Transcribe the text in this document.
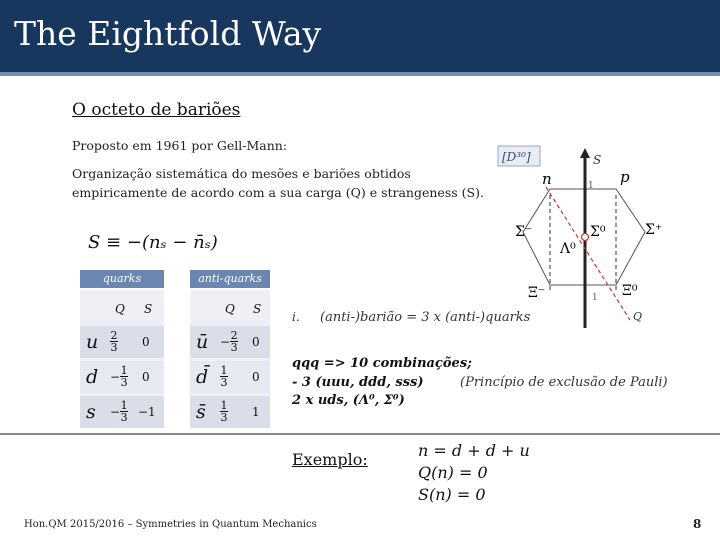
The Eightfold Way
O octeto de bariões
Proposto em 1961 por Gell-Mann:
Organização sistemática do mesões e bariões obtidos
empiricamente de acordo com a sua carga (Q) e strangeness (S).
S ≡ −(nₛ − n̄ₛ)
quarks
Q S
u $\frac{2}{3} 0$
$d - \frac{1}{3} 0$
$s - \frac{1}{3} -1$
anti-quarks
Q S
ū − $\frac{2}{3} 0$
d̄ $\frac{1}{3} 0$
s̄ $\frac{1}{3} 1$
i. (anti-)barião = 3 x (anti-)quarks
qqq => 10 combinações;
- 3 (uuu, ddd, sss)	(Princípio de exclusão de Pauli)
2 x uds, (Λ⁰, Σ⁰)
[D³⁰]	S
Q
1
1
n	p
Σ⁻	Σ⁰	Σ⁺
Λ⁰
Ξ⁻	Ξ⁰
Exemplo:	n = d + d + u
Q(n) = 0
S(n) = 0
Hon.QM 2015/2016 – Symmetries in Quantum Mechanics	8
